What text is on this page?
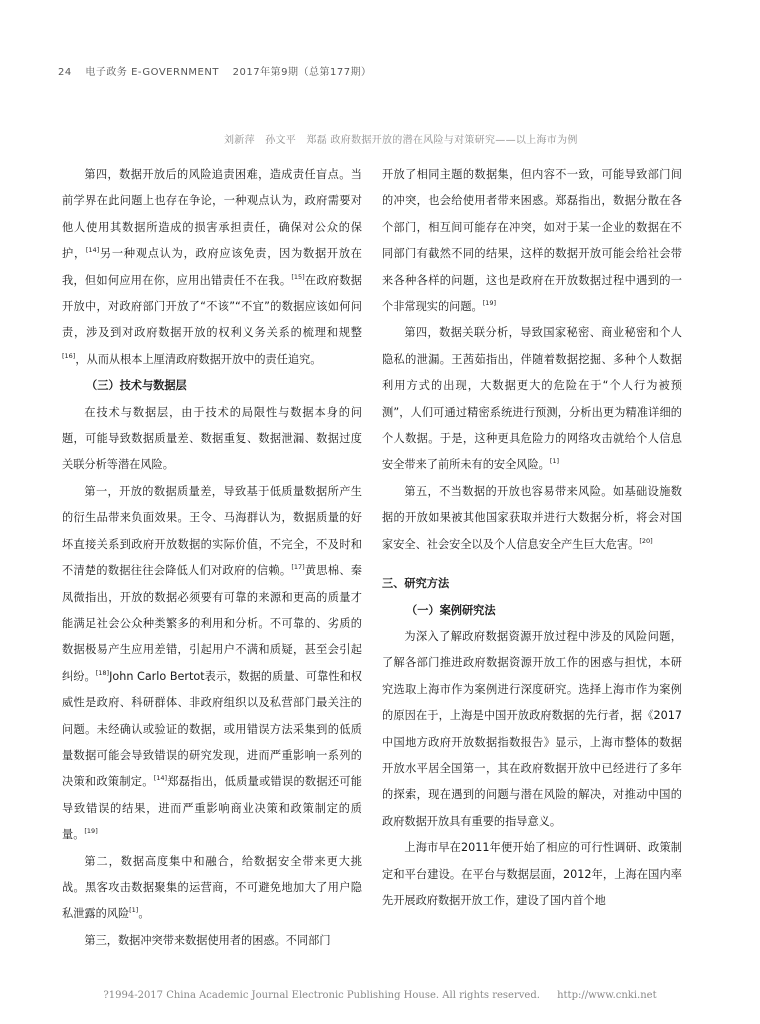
24 电子政务 E-GOVERNMENT 2017年第9期（总第177期）
刘新萍　孙文平　郑磊 政府数据开放的潜在风险与对策研究——以上海市为例

第四，数据开放后的风险追责困难，造成责任盲点。当前学界在此问题上也存在争论，一种观点认为，政府需要对他人使用其数据所造成的损害承担责任，确保对公众的保护，[14]另一种观点认为，政府应该免责，因为数据开放在我，但如何应用在你，应用出错责任不在我。[15]在政府数据开放中，对政府部门开放了“不该”“不宜”的数据应该如何问责，涉及到对政府数据开放的权利义务关系的梳理和规整[16]，从而从根本上厘清政府数据开放中的责任追究。

（三）技术与数据层

在技术与数据层，由于技术的局限性与数据本身的问题，可能导致数据质量差、数据重复、数据泄漏、数据过度关联分析等潜在风险。

第一，开放的数据质量差，导致基于低质量数据所产生的衍生品带来负面效果。王令、马海群认为，数据质量的好坏直接关系到政府开放数据的实际价值，不完全，不及时和不清楚的数据往往会降低人们对政府的信赖。[17]黄思棉、秦凤微指出，开放的数据必须要有可靠的来源和更高的质量才能满足社会公众种类繁多的利用和分析。不可靠的、劣质的数据极易产生应用差错，引起用户不满和质疑，甚至会引起纠纷。[18]John Carlo Bertot表示，数据的质量、可靠性和权威性是政府、科研群体、非政府组织以及私营部门最关注的问题。未经确认或验证的数据，或用错误方法采集到的低质量数据可能会导致错误的研究发现，进而严重影响一系列的决策和政策制定。[14]郑磊指出，低质量或错误的数据还可能导致错误的结果，进而严重影响商业决策和政策制定的质量。[19]

第二，数据高度集中和融合，给数据安全带来更大挑战。黑客攻击数据聚集的运营商，不可避免地加大了用户隐私泄露的风险[1]。

第三，数据冲突带来数据使用者的困惑。不同部门

开放了相同主题的数据集，但内容不一致，可能导致部门间的冲突，也会给使用者带来困惑。郑磊指出，数据分散在各个部门，相互间可能存在冲突，如对于某一企业的数据在不同部门有截然不同的结果，这样的数据开放可能会给社会带来各种各样的问题，这也是政府在开放数据过程中遇到的一个非常现实的问题。[19]

第四，数据关联分析，导致国家秘密、商业秘密和个人隐私的泄漏。王茜茹指出，伴随着数据挖掘、多种个人数据利用方式的出现，大数据更大的危险在于“个人行为被预测”，人们可通过精密系统进行预测，分析出更为精准详细的个人数据。于是，这种更具危险力的网络攻击就给个人信息安全带来了前所未有的安全风险。[1]

第五，不当数据的开放也容易带来风险。如基础设施数据的开放如果被其他国家获取并进行大数据分析，将会对国家安全、社会安全以及个人信息安全产生巨大危害。[20]

三、研究方法

（一）案例研究法

为深入了解政府数据资源开放过程中涉及的风险问题，了解各部门推进政府数据资源开放工作的困惑与担忧，本研究选取上海市作为案例进行深度研究。选择上海市作为案例的原因在于，上海是中国开放政府数据的先行者，据《2017中国地方政府开放数据指数报告》显示，上海市整体的数据开放水平居全国第一，其在政府数据开放中已经进行了多年的探索，现在遇到的问题与潜在风险的解决，对推动中国的政府数据开放具有重要的指导意义。

上海市早在2011年便开始了相应的可行性调研、政策制定和平台建设。在平台与数据层面，2012年，上海在国内率先开展政府数据开放工作，建设了国内首个地

?1994-2017 China Academic Journal Electronic Publishing House. All rights reserved. http://www.cnki.net
